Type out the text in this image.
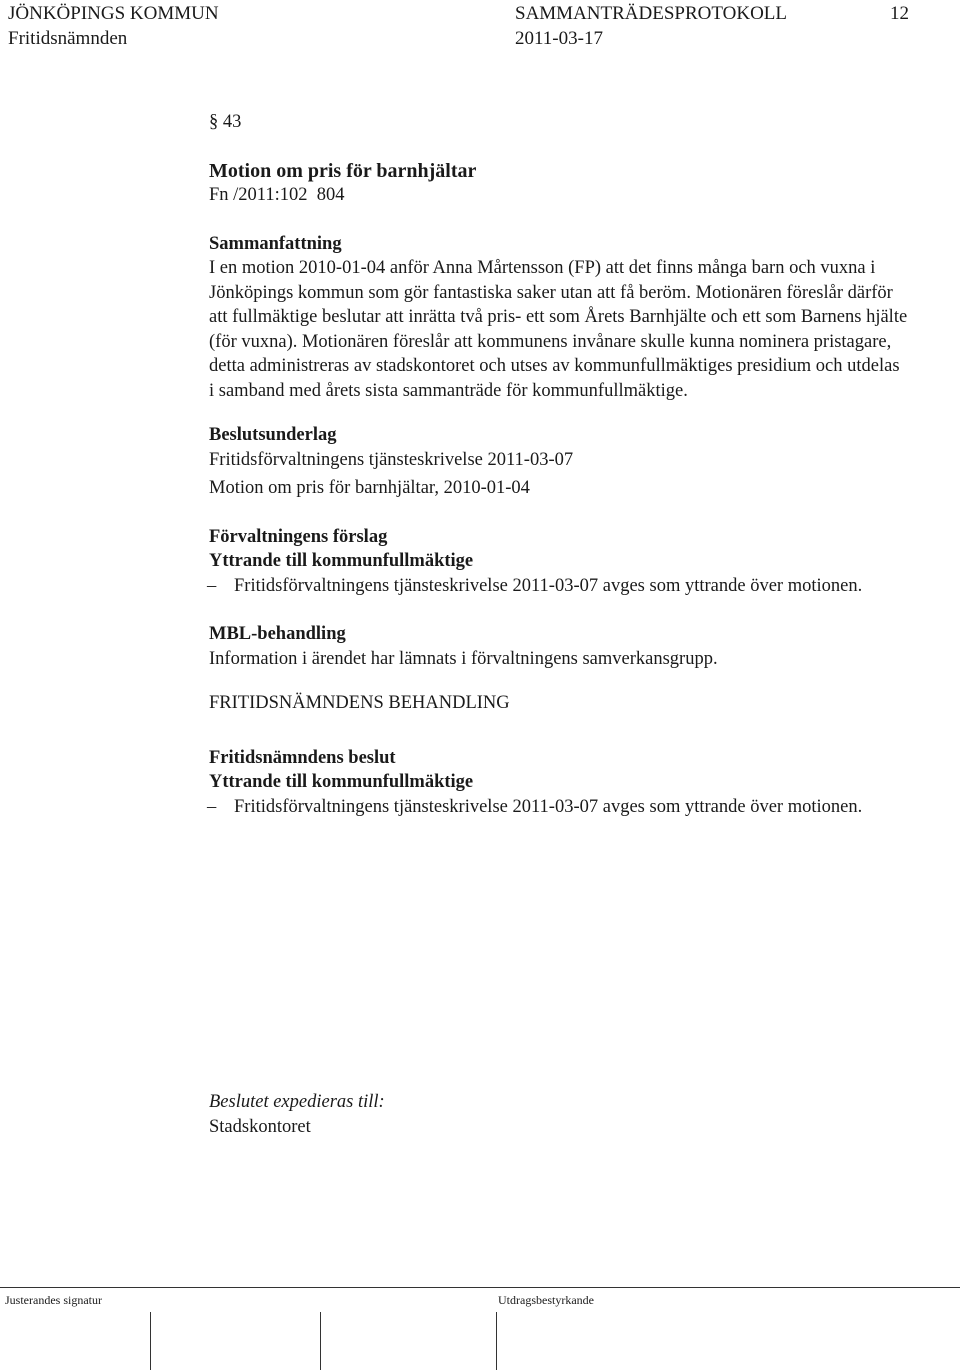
JÖNKÖPINGS KOMMUN	SAMMANTRÄDESPROTOKOLL	12
Fritidsnämnden	2011-03-17

§ 43

Motion om pris för barnhjältar

Fn /2011:102  804

Sammanfattning

I en motion 2010-01-04 anför Anna Mårtensson (FP) att det finns många barn och vuxna i Jönköpings kommun som gör fantastiska saker utan att få beröm. Motionären föreslår därför att fullmäktige beslutar att inrätta två pris- ett som Årets Barnhjälte och ett som Barnens hjälte (för vuxna). Motionären föreslår att kommunens invånare skulle kunna nominera pristagare, detta administreras av stadskontoret och utses av kommunfullmäktiges presidium och utdelas i samband med årets sista sammanträde för kommunfullmäktige.

Beslutsunderlag

Fritidsförvaltningens tjänsteskrivelse 2011-03-07

Motion om pris för barnhjältar, 2010-01-04

Förvaltningens förslag

Yttrande till kommunfullmäktige

– Fritidsförvaltningens tjänsteskrivelse 2011-03-07 avges som yttrande över motionen.

MBL-behandling

Information i ärendet har lämnats i förvaltningens samverkansgrupp.

FRITIDSNÄMNDENS BEHANDLING

Fritidsnämndens beslut

Yttrande till kommunfullmäktige

– Fritidsförvaltningens tjänsteskrivelse 2011-03-07 avges som yttrande över motionen.

Beslutet expedieras till:

Stadskontoret

Justerandes signatur	Utdragsbestyrkande
